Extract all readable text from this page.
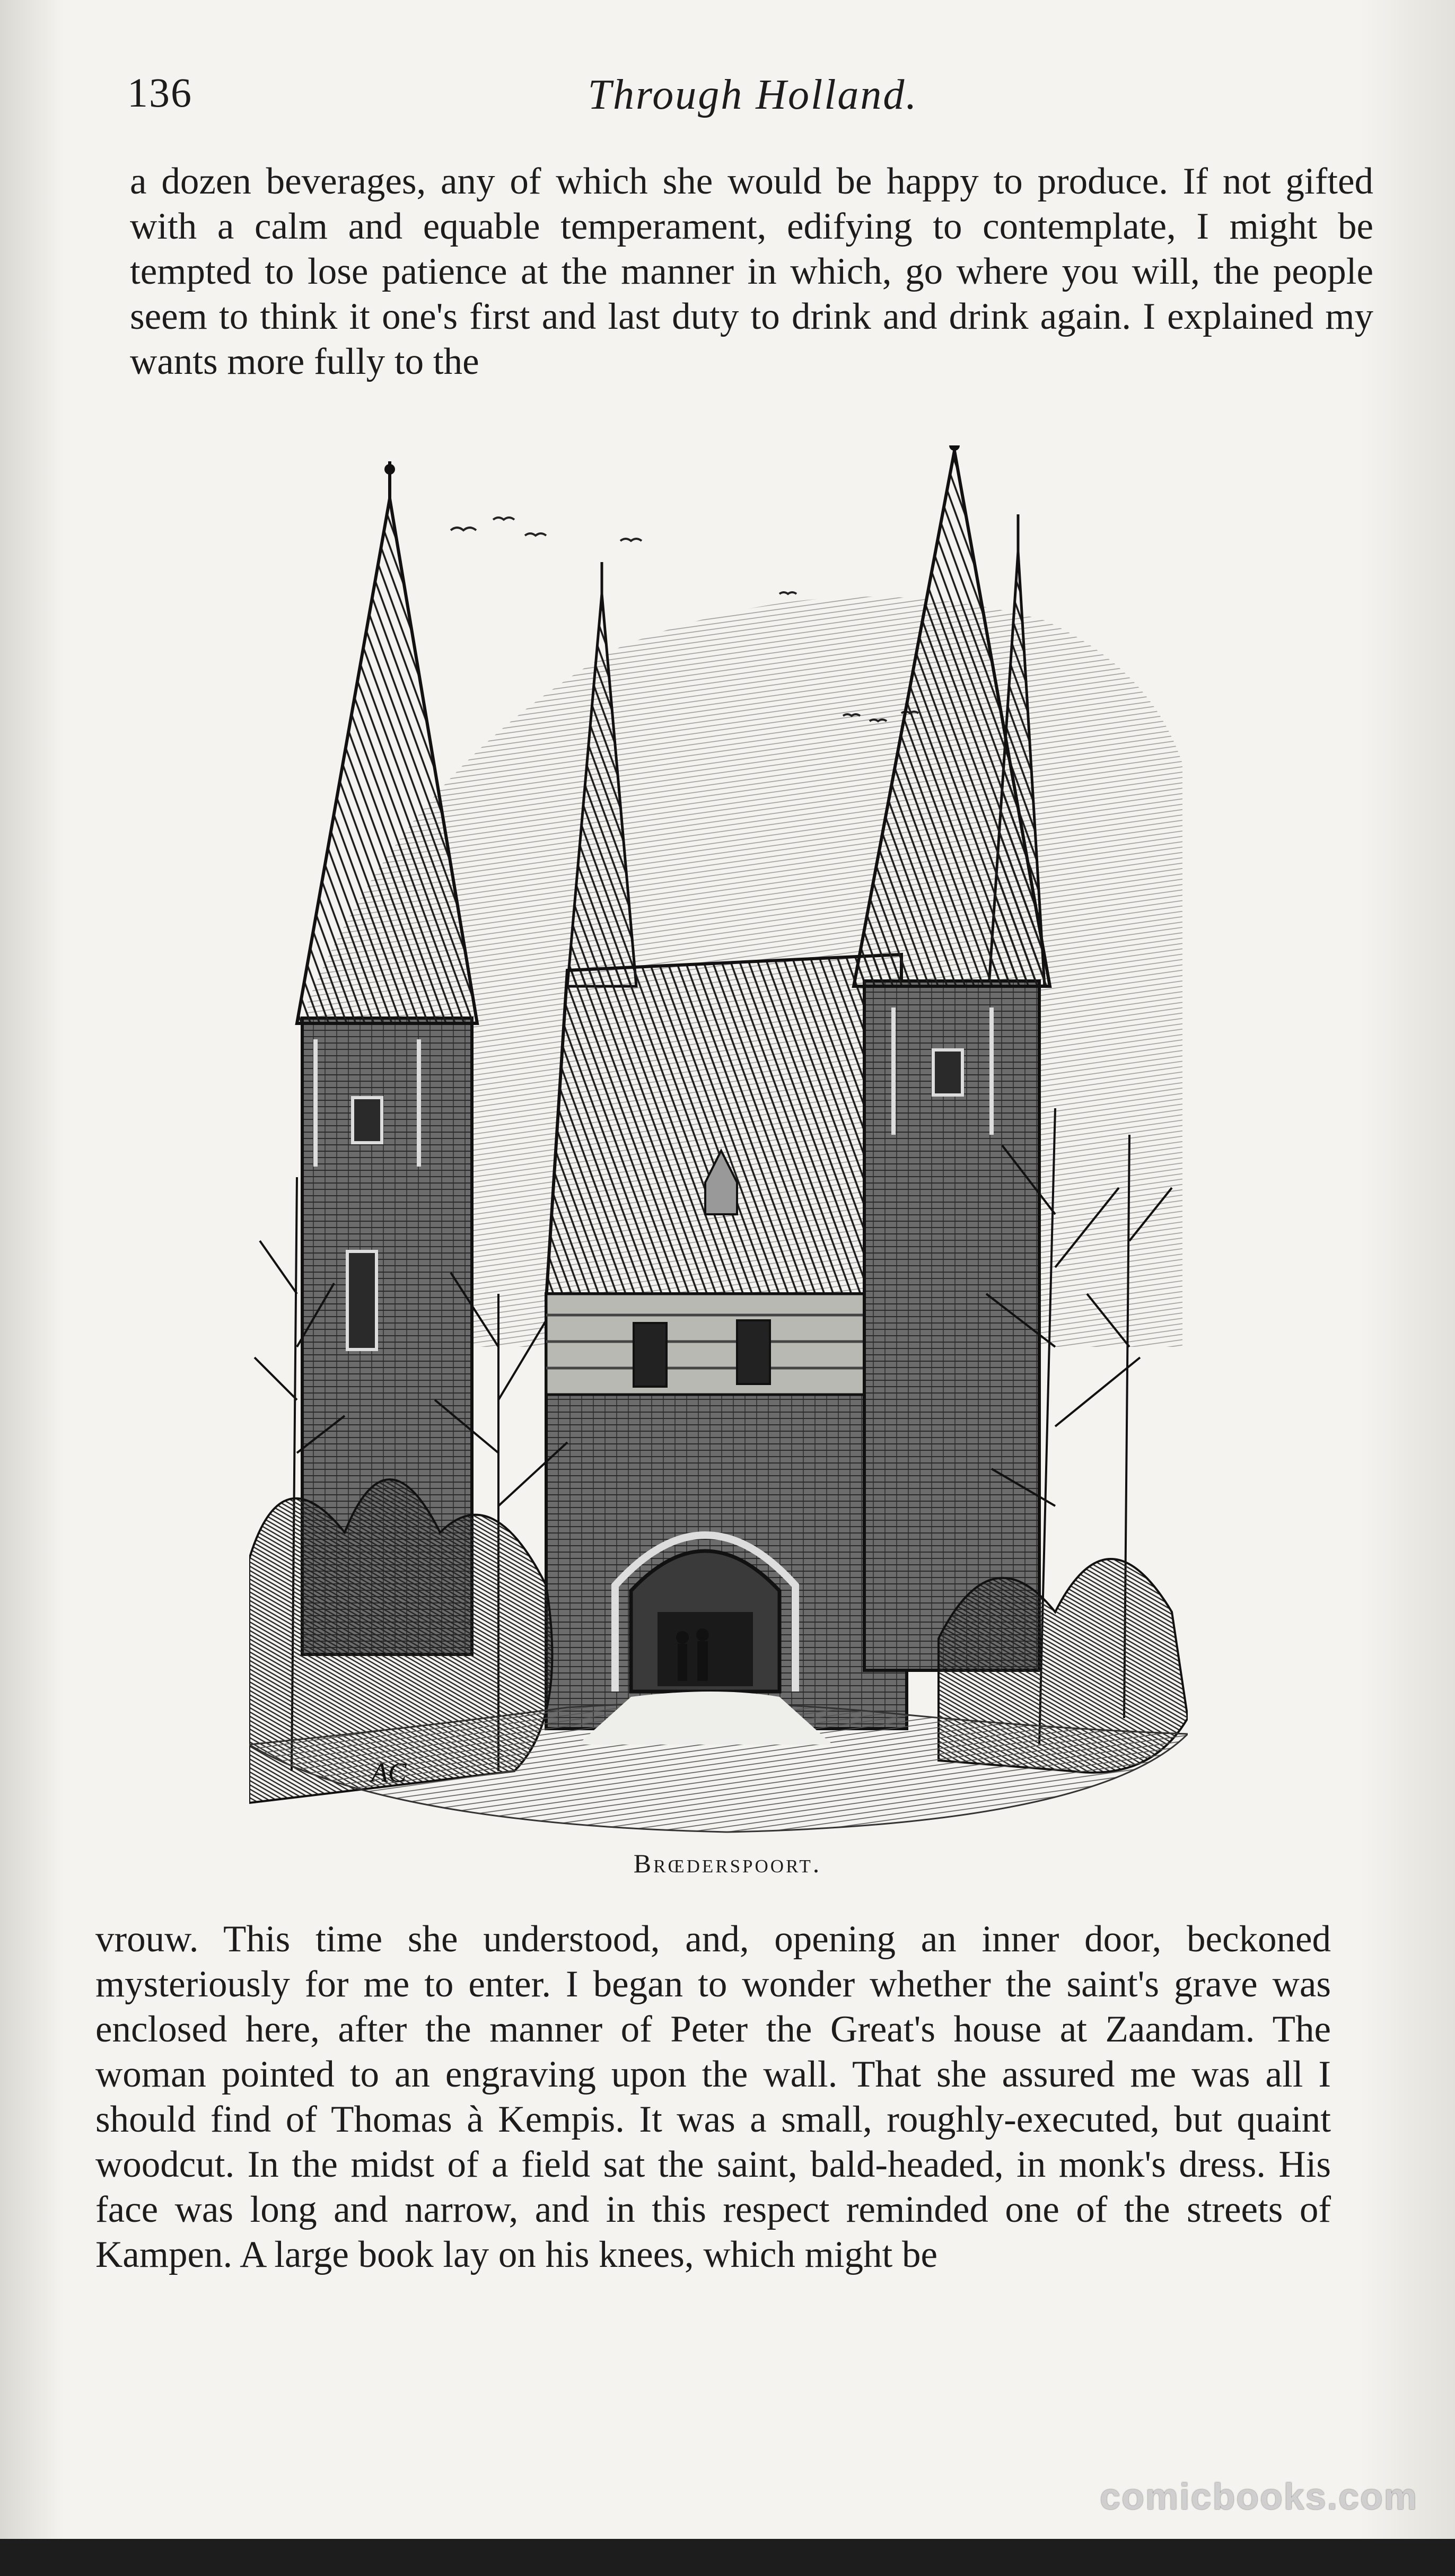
136	Through Holland.

a dozen beverages, any of which she would be happy to produce. If not gifted with a calm and equable temperament, edifying to contemplate, I might be tempted to lose patience at the manner in which, go where you will, the people seem to think it one's first and last duty to drink and drink again. I explained my wants more fully to the

AC
Brœderspoort.

vrouw. This time she understood, and, opening an inner door, beckoned mysteriously for me to enter. I began to wonder whether the saint's grave was enclosed here, after the manner of Peter the Great's house at Zaandam. The woman pointed to an engraving upon the wall. That she assured me was all I should find of Thomas à Kempis. It was a small, roughly-executed, but quaint woodcut. In the midst of a field sat the saint, bald-headed, in monk's dress. His face was long and narrow, and in this respect reminded one of the streets of Kampen. A large book lay on his knees, which might be

comicbooks.com
